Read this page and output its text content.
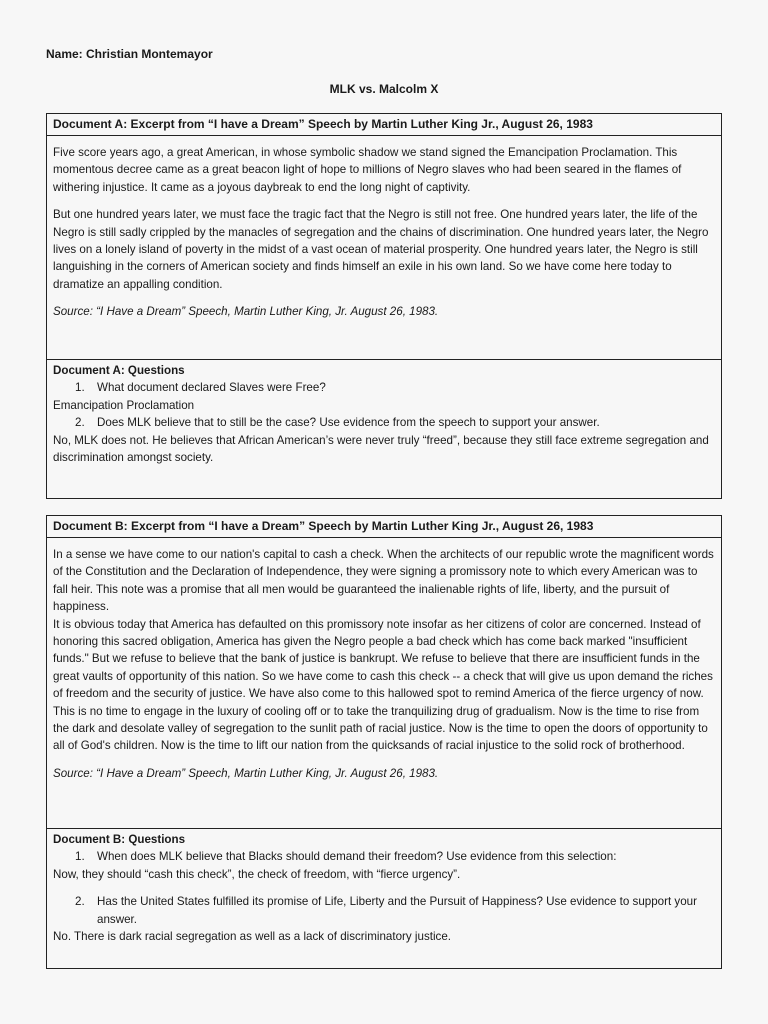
Name: Christian Montemayor
MLK vs. Malcolm X
Document A: Excerpt from “I have a Dream” Speech by Martin Luther King Jr., August 26, 1983

Five score years ago, a great American, in whose symbolic shadow we stand signed the Emancipation Proclamation. This momentous decree came as a great beacon light of hope to millions of Negro slaves who had been seared in the flames of withering injustice. It came as a joyous daybreak to end the long night of captivity.

But one hundred years later, we must face the tragic fact that the Negro is still not free. One hundred years later, the life of the Negro is still sadly crippled by the manacles of segregation and the chains of discrimination. One hundred years later, the Negro lives on a lonely island of poverty in the midst of a vast ocean of material prosperity. One hundred years later, the Negro is still languishing in the corners of American society and finds himself an exile in his own land. So we have come here today to dramatize an appalling condition.

Source: “I Have a Dream” Speech, Martin Luther King, Jr. August 26, 1983.
Document A: Questions
1.	What document declared Slaves were Free?
Emancipation Proclamation
2.	Does MLK believe that to still be the case? Use evidence from the speech to support your answer.
No, MLK does not. He believes that African American’s were never truly “freed”, because they still face extreme segregation and discrimination amongst society.
Document B: Excerpt from “I have a Dream” Speech by Martin Luther King Jr., August 26, 1983

In a sense we have come to our nation's capital to cash a check. When the architects of our republic wrote the magnificent words of the Constitution and the Declaration of Independence, they were signing a promissory note to which every American was to fall heir. This note was a promise that all men would be guaranteed the inalienable rights of life, liberty, and the pursuit of happiness.

It is obvious today that America has defaulted on this promissory note insofar as her citizens of color are concerned. Instead of honoring this sacred obligation, America has given the Negro people a bad check which has come back marked "insufficient funds." But we refuse to believe that the bank of justice is bankrupt. We refuse to believe that there are insufficient funds in the great vaults of opportunity of this nation. So we have come to cash this check -- a check that will give us upon demand the riches of freedom and the security of justice. We have also come to this hallowed spot to remind America of the fierce urgency of now. This is no time to engage in the luxury of cooling off or to take the tranquilizing drug of gradualism. Now is the time to rise from the dark and desolate valley of segregation to the sunlit path of racial justice. Now is the time to open the doors of opportunity to all of God's children. Now is the time to lift our nation from the quicksands of racial injustice to the solid rock of brotherhood.

Source: “I Have a Dream” Speech, Martin Luther King, Jr. August 26, 1983.
Document B: Questions
1.	When does MLK believe that Blacks should demand their freedom? Use evidence from this selection:
Now, they should “cash this check”, the check of freedom, with “fierce urgency”.
2.	Has the United States fulfilled its promise of Life, Liberty and the Pursuit of Happiness? Use evidence to support your answer.
No. There is dark racial segregation as well as a lack of discriminatory justice.
